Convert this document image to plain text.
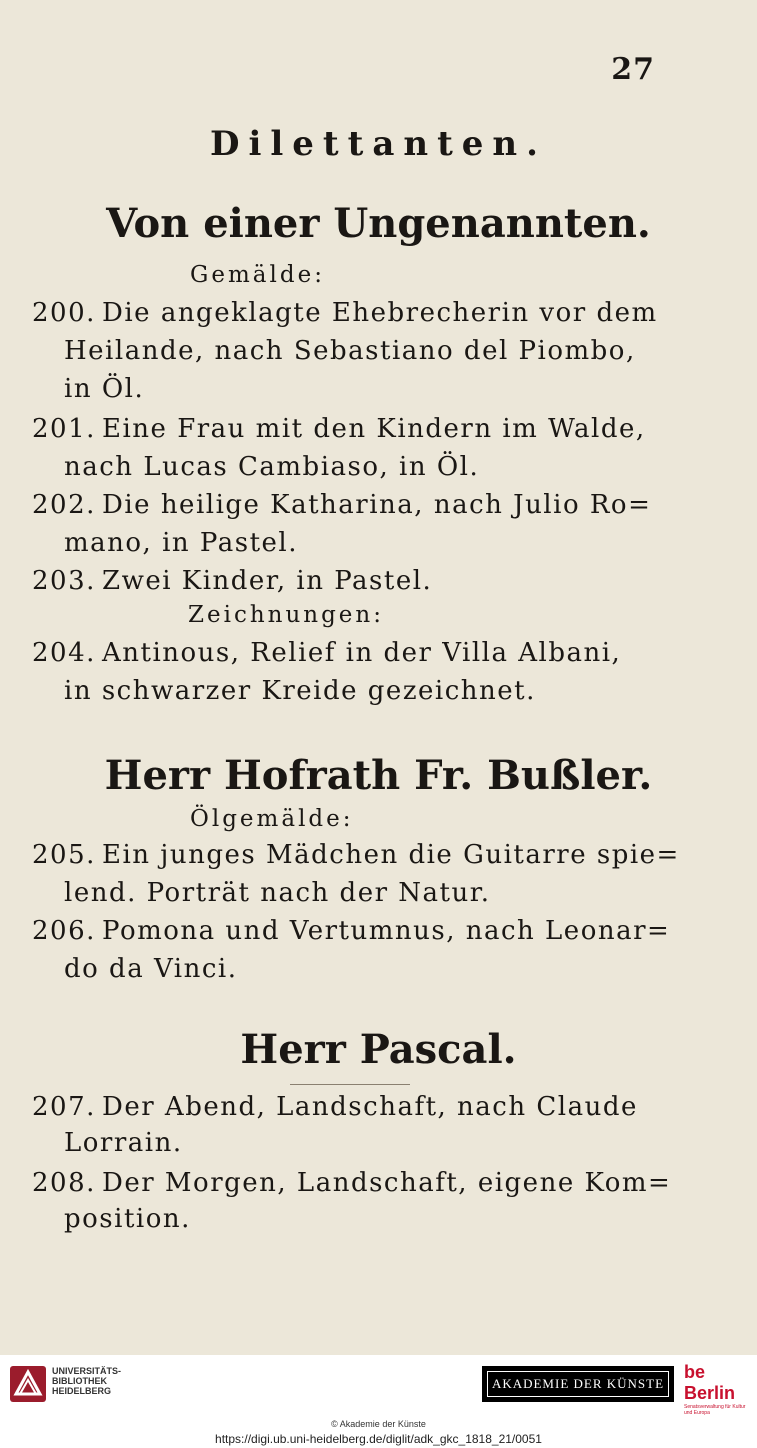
27
Dilettanten.
Von einer Ungenannten.
Gemälde:
200. Die angeklagte Ehebrecherin vor dem
Heilande, nach Sebastiano del Piombo,
in Öl.
201. Eine Frau mit den Kindern im Walde,
nach Lucas Cambiaso, in Öl.
202. Die heilige Katharina, nach Julio Ro=
mano, in Pastel.
203. Zwei Kinder, in Pastel.
Zeichnungen:
204. Antinous, Relief in der Villa Albani,
in schwarzer Kreide gezeichnet.
Herr Hofrath Fr. Bußler.
Ölgemälde:
205. Ein junges Mädchen die Guitarre spie=
lend. Porträt nach der Natur.
206. Pomona und Vertumnus, nach Leonar=
do da Vinci.
Herr Pascal.
207. Der Abend, Landschaft, nach Claude
Lorrain.
208. Der Morgen, Landschaft, eigene Kom=
position.
UNIVERSITÄTS-
BIBLIOTHEK
HEIDELBERG	AKADEMIE DER KÜNSTE
be Berlin
Senatsverwaltung für Kultur und Europa
© Akademie der Künste
https://digi.ub.uni-heidelberg.de/diglit/adk_gkc_1818_21/0051
